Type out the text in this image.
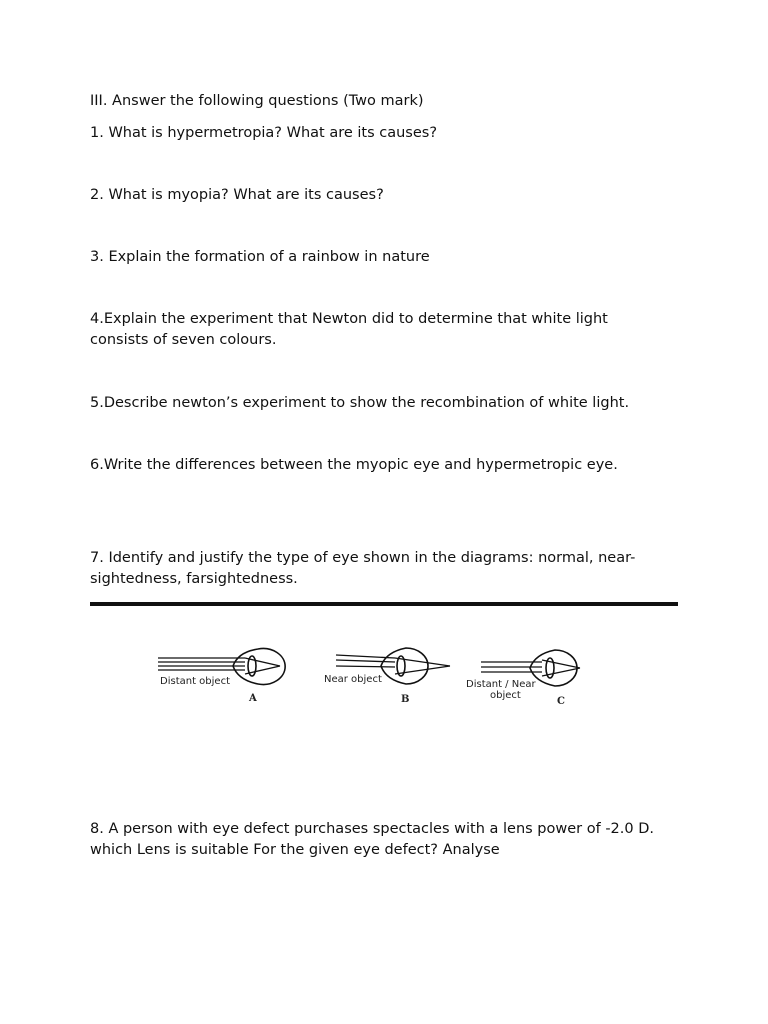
III. Answer the following questions (Two mark)

1. What is hypermetropia? What are its causes?

2. What is myopia? What are its causes?

3. Explain the formation of a rainbow in nature

4.Explain the experiment that Newton did to determine that white light

consists of seven colours.

5.Describe newton’s experiment to show the recombination of white light.

6.Write the differences between the myopic eye and hypermetropic eye.

7. Identify and justify the type of eye shown in the diagrams: normal, near-

sightedness, farsightedness.

Distant object
A
Near object
B
Distant / Near
object
C

8. A person with eye defect purchases spectacles with a lens power of -2.0 D.

which Lens is suitable For the given eye defect? Analyse
